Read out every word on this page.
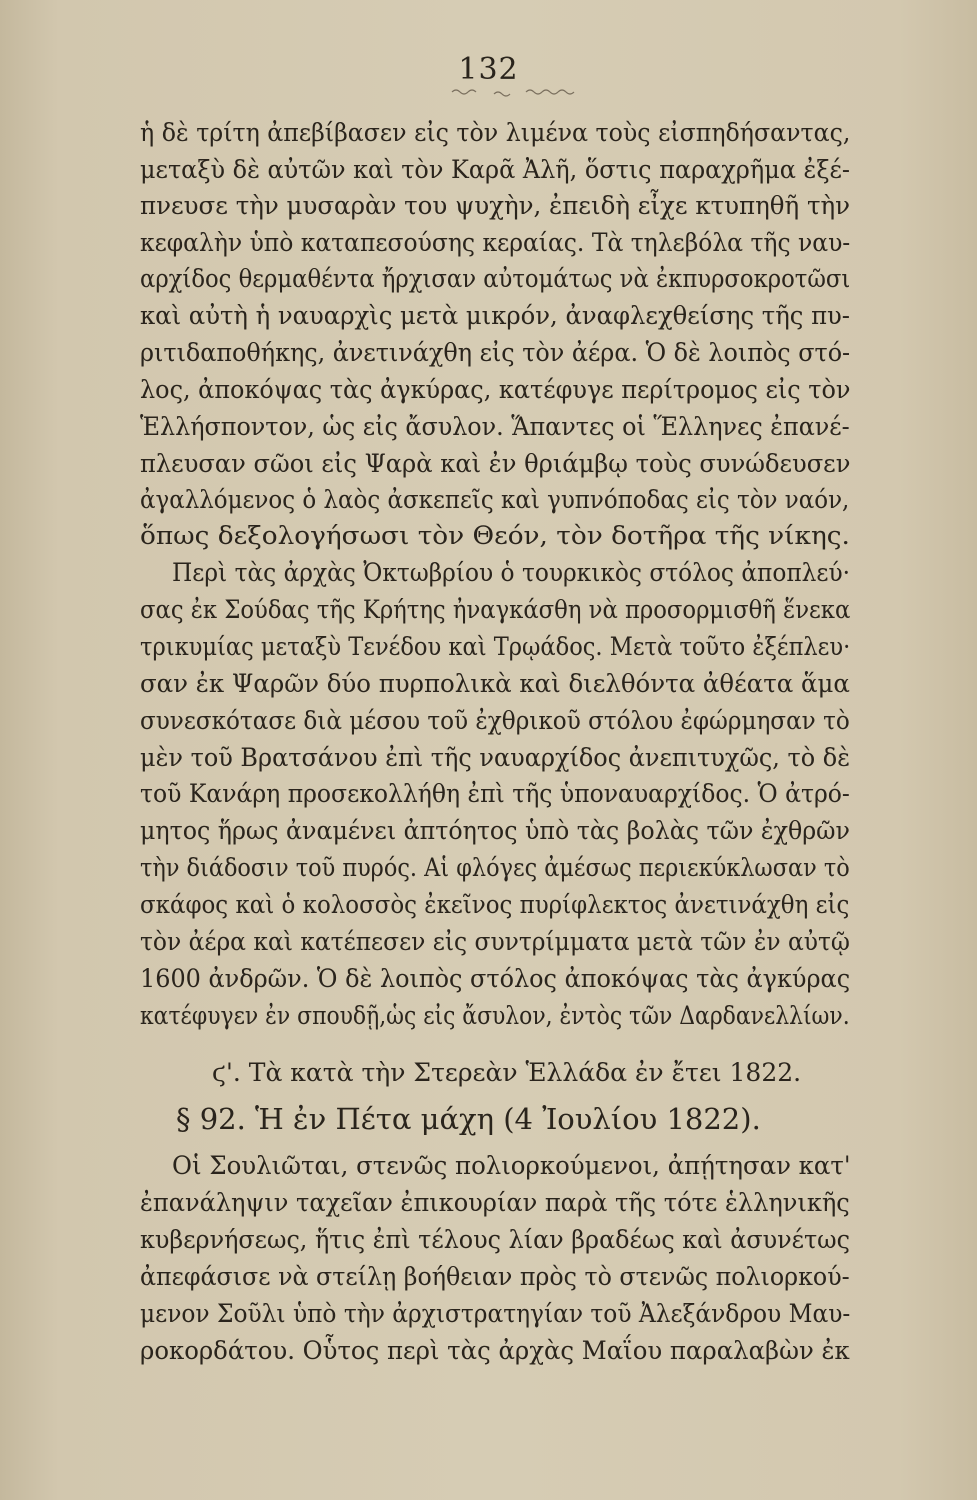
132
ἡ δὲ τρίτη ἀπεβίβασεν εἰς τὸν λιμένα τοὺς εἰσπηδήσαντας,
μεταξὺ δὲ αὐτῶν καὶ τὸν Καρᾶ Ἀλῆ, ὅστις παραχρῆμα ἐξέ-
πνευσε τὴν μυσαρὰν του ψυχὴν, ἐπειδὴ εἶχε κτυπηθῆ τὴν
κεφαλὴν ὑπὸ καταπεσούσης κεραίας. Τὰ τηλεβόλα τῆς ναυ-
αρχίδος θερμαθέντα ἤρχισαν αὐτομάτως νὰ ἐκπυρσοκροτῶσι
καὶ αὐτὴ ἡ ναυαρχὶς μετὰ μικρόν, ἀναφλεχθείσης τῆς πυ-
ριτιδαποθήκης, ἀνετινάχθη εἰς τὸν ἀέρα. Ὁ δὲ λοιπὸς στό-
λος, ἀποκόψας τὰς ἀγκύρας, κατέφυγε περίτρομος εἰς τὸν
Ἑλλήσποντον, ὡς εἰς ἄσυλον. Ἅπαντες οἱ Ἕλληνες ἐπανέ-
πλευσαν σῶοι εἰς Ψαρὰ καὶ ἐν θριάμβῳ τοὺς συνώδευσεν
ἀγαλλόμενος ὁ λαὸς ἀσκεπεῖς καὶ γυπνόποδας εἰς τὸν ναόν,
ὅπως δεξολογήσωσι τὸν Θεόν, τὸν δοτῆρα τῆς νίκης.
Περὶ τὰς ἀρχὰς Ὀκτωβρίου ὁ τουρκικὸς στόλος ἀποπλεύ·
σας ἐκ Σούδας τῆς Κρήτης ἠναγκάσθη νὰ προσορμισθῆ ἕνεκα
τρικυμίας μεταξὺ Τενέδου καὶ Τρῳάδος. Μετὰ τοῦτο ἐξέπλευ·
σαν ἐκ Ψαρῶν δύο πυρπολικὰ καὶ διελθόντα ἀθέατα ἅμα
συνεσκότασε διὰ μέσου τοῦ ἐχθρικοῦ στόλου ἐφώρμησαν τὸ
μὲν τοῦ Βρατσάνου ἐπὶ τῆς ναυαρχίδος ἀνεπιτυχῶς, τὸ δὲ
τοῦ Κανάρη προσεκολλήθη ἐπὶ τῆς ὑποναυαρχίδος. Ὁ ἀτρό-
μητος ἥρως ἀναμένει ἀπτόητος ὑπὸ τὰς βολὰς τῶν ἐχθρῶν
τὴν διάδοσιν τοῦ πυρός. Αἱ φλόγες ἀμέσως περιεκύκλωσαν τὸ
σκάφος καὶ ὁ κολοσσὸς ἐκεῖνος πυρίφλεκτος ἀνετινάχθη εἰς
τὸν ἀέρα καὶ κατέπεσεν εἰς συντρίμματα μετὰ τῶν ἐν αὐτῷ
1600 ἀνδρῶν. Ὁ δὲ λοιπὸς στόλος ἀποκόψας τὰς ἀγκύρας
κατέφυγεν ἐν σπουδῇ,ὡς εἰς ἄσυλον, ἐντὸς τῶν Δαρδανελλίων.
ϛ'. Τὰ κατὰ τὴν Στερεὰν Ἑλλάδα ἐν ἔτει 1822.
§ 92. Ἡ ἐν Πέτα μάχη (4 Ἰουλίου 1822).
Οἱ Σουλιῶται, στενῶς πολιορκούμενοι, ἀπῄτησαν κατ'
ἐπανάληψιν ταχεῖαν ἐπικουρίαν παρὰ τῆς τότε ἑλληνικῆς
κυβερνήσεως, ἥτις ἐπὶ τέλους λίαν βραδέως καὶ ἀσυνέτως
ἀπεφάσισε νὰ στείλῃ βοήθειαν πρὸς τὸ στενῶς πολιορκού-
μενον Σοῦλι ὑπὸ τὴν ἀρχιστρατηγίαν τοῦ Ἀλεξάνδρου Μαυ-
ροκορδάτου. Οὗτος περὶ τὰς ἀρχὰς Μαΐου παραλαβὼν ἐκ
